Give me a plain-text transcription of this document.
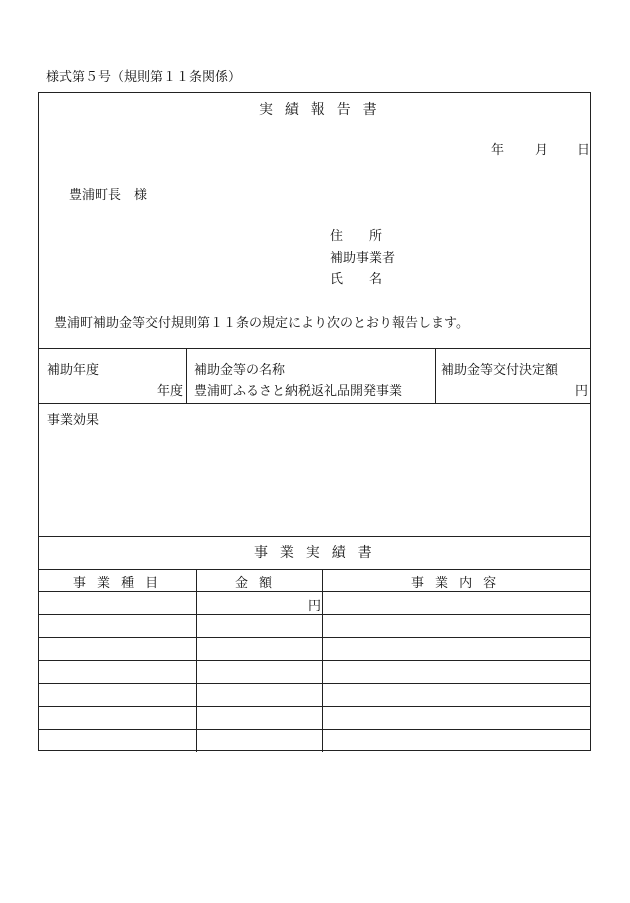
様式第５号（規則第１１条関係）
実績報告書
年 月 日
豊浦町長　様
住　　所
補助事業者
氏　　名
豊浦町補助金等交付規則第１１条の規定により次のとおり報告します。
補助年度
年度
補助金等の名称
豊浦町ふるさと納税返礼品開発事業
補助金等交付決定額
円
事業効果
事業実績書
事業種目	金額	事業内容
円
